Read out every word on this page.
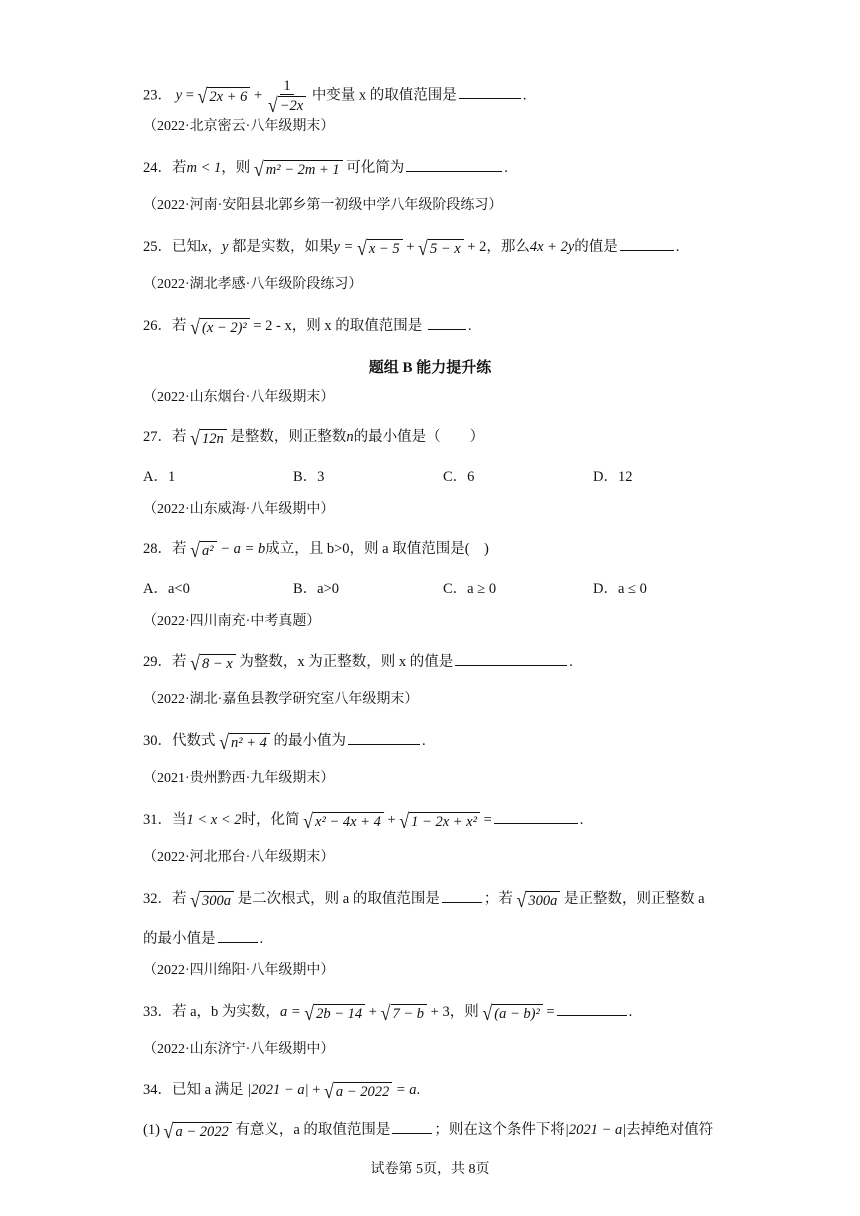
23． y = √ $2x + 6 + \frac{1}{√ -2x}$ 中变量 x 的取值范围是	.
（2022·北京密云·八年级期末）
24．若m < 1，则 √ m² − 2m + 1 可化简为	.
（2022·河南·安阳县北郭乡第一初级中学八年级阶段练习）
25．已知x，y 都是实数，如果y = √ x − 5 + √ 5 − x + 2，那么4x + 2y的值是	.
（2022·湖北孝感·八年级阶段练习）
26．若 √ (x − 2)² = 2 - x，则 x 的取值范围是	.
题组 B 能力提升练
（2022·山东烟台·八年级期末）
27．若 √ 12n 是整数，则正整数n的最小值是（　　）
A．1	B．3	C．6	D．12
（2022·山东威海·八年级期中）
28．若 √ a² − a = b成立，且 b>0，则 a 取值范围是(　)
A．a<0	B．a>0	C．a ≥ 0	D．a ≤ 0
（2022·四川南充·中考真题）
29．若 √ 8 − x 为整数，x 为正整数，则 x 的值是	.
（2022·湖北·嘉鱼县教学研究室八年级期末）
30．代数式 √ n² + 4 的最小值为	.
（2021·贵州黔西·九年级期末）
31．当1 < x < 2时，化简 √ x² − 4x + 4 + √ 1 − 2x + x² =	.
（2022·河北邢台·八年级期末）
32．若 √ 300a 是二次根式，则 a 的取值范围是	；若 √ 300a 是正整数，则正整数 a
的最小值是	.
（2022·四川绵阳·八年级期中）
33．若 a，b 为实数，a = √ 2b − 14 + √ 7 − b + 3，则 √ (a − b)² =	.
（2022·山东济宁·八年级期中）
34．已知 a 满足 |2021 − a| + √ a − 2022 = a.
(1) √ a − 2022 有意义，a 的取值范围是	；则在这个条件下将|2021 − a|去掉绝对值符
试卷第 5页，共 8页
